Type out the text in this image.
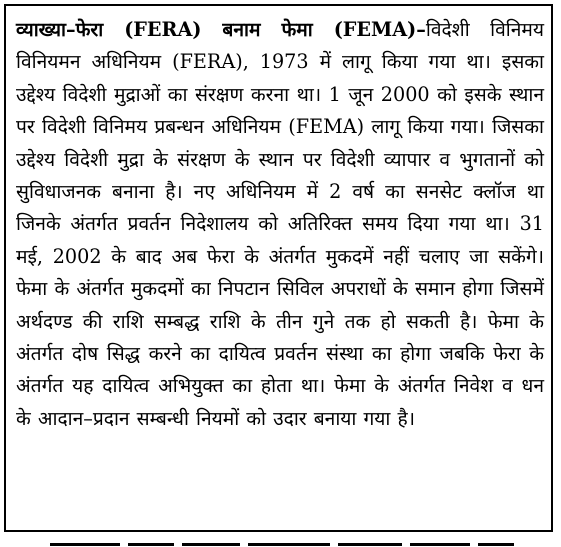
व्याख्या–फेरा (FERA) बनाम फेमा (FEMA)–विदेशी विनिमय विनियमन अधिनियम (FERA), 1973 में लागू किया गया था। इसका उद्देश्य विदेशी मुद्राओं का संरक्षण करना था। 1 जून 2000 को इसके स्थान पर विदेशी विनिमय प्रबन्धन अधिनियम (FEMA) लागू किया गया। जिसका उद्देश्य विदेशी मुद्रा के संरक्षण के स्थान पर विदेशी व्यापार व भुगतानों को सुविधाजनक बनाना है। नए अधिनियम में 2 वर्ष का सनसेट क्लॉज था जिनके अंतर्गत प्रवर्तन निदेशालय को अतिरिक्त समय दिया गया था। 31 मई, 2002 के बाद अब फेरा के अंतर्गत मुकदमें नहीं चलाए जा सकेंगे। फेमा के अंतर्गत मुकदमों का निपटान सिविल अपराधों के समान होगा जिसमें अर्थदण्ड की राशि सम्बद्ध राशि के तीन गुने तक हो सकती है। फेमा के अंतर्गत दोष सिद्ध करने का दायित्व प्रवर्तन संस्था का होगा जबकि फेरा के अंतर्गत यह दायित्व अभियुक्त का होता था। फेमा के अंतर्गत निवेश व धन के आदान–प्रदान सम्बन्धी नियमों को उदार बनाया गया है।
